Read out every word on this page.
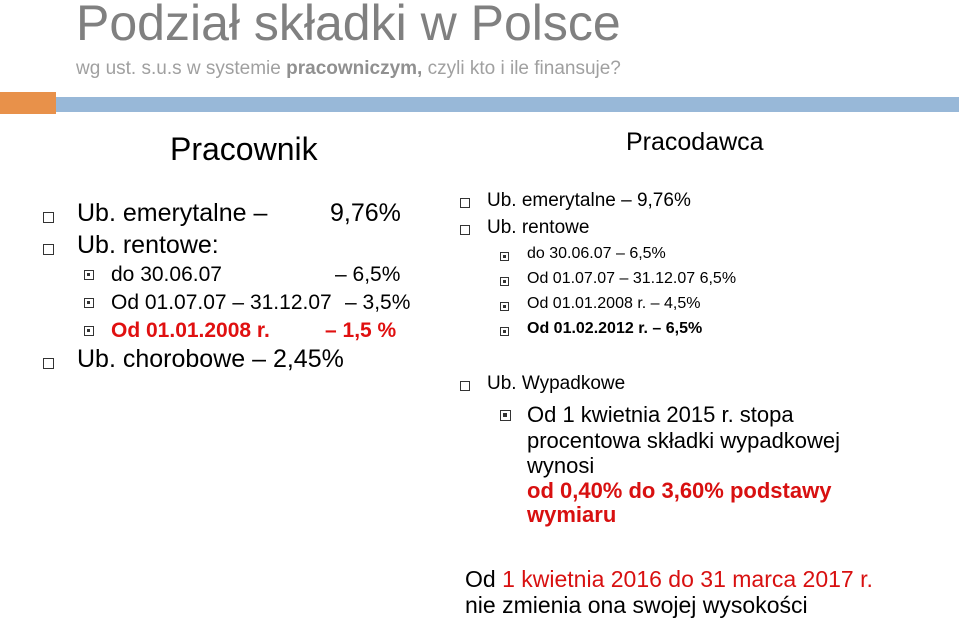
Podział składki w Polsce
wg ust. s.u.s w systemie pracowniczym, czyli kto i ile finansuje?
Pracownik
Ub. emerytalne –	9,76%
Ub. rentowe:
do 30.06.07	– 6,5%
Od 01.07.07 – 31.12.07 – 3,5%
Od 01.01.2008 r.	– 1,5 %
Ub. chorobowe – 2,45%
Pracodawca
Ub. emerytalne – 9,76%
Ub. rentowe
do 30.06.07 – 6,5%
Od 01.07.07 – 31.12.07 6,5%
Od 01.01.2008 r. – 4,5%
Od 01.02.2012 r. – 6,5%
Ub. Wypadkowe
Od 1 kwietnia 2015 r. stopa
procentowa składki wypadkowej
wynosi
od 0,40% do 3,60% podstawy
wymiaru
Od 1 kwietnia 2016 do 31 marca 2017 r.
nie zmienia ona swojej wysokości
